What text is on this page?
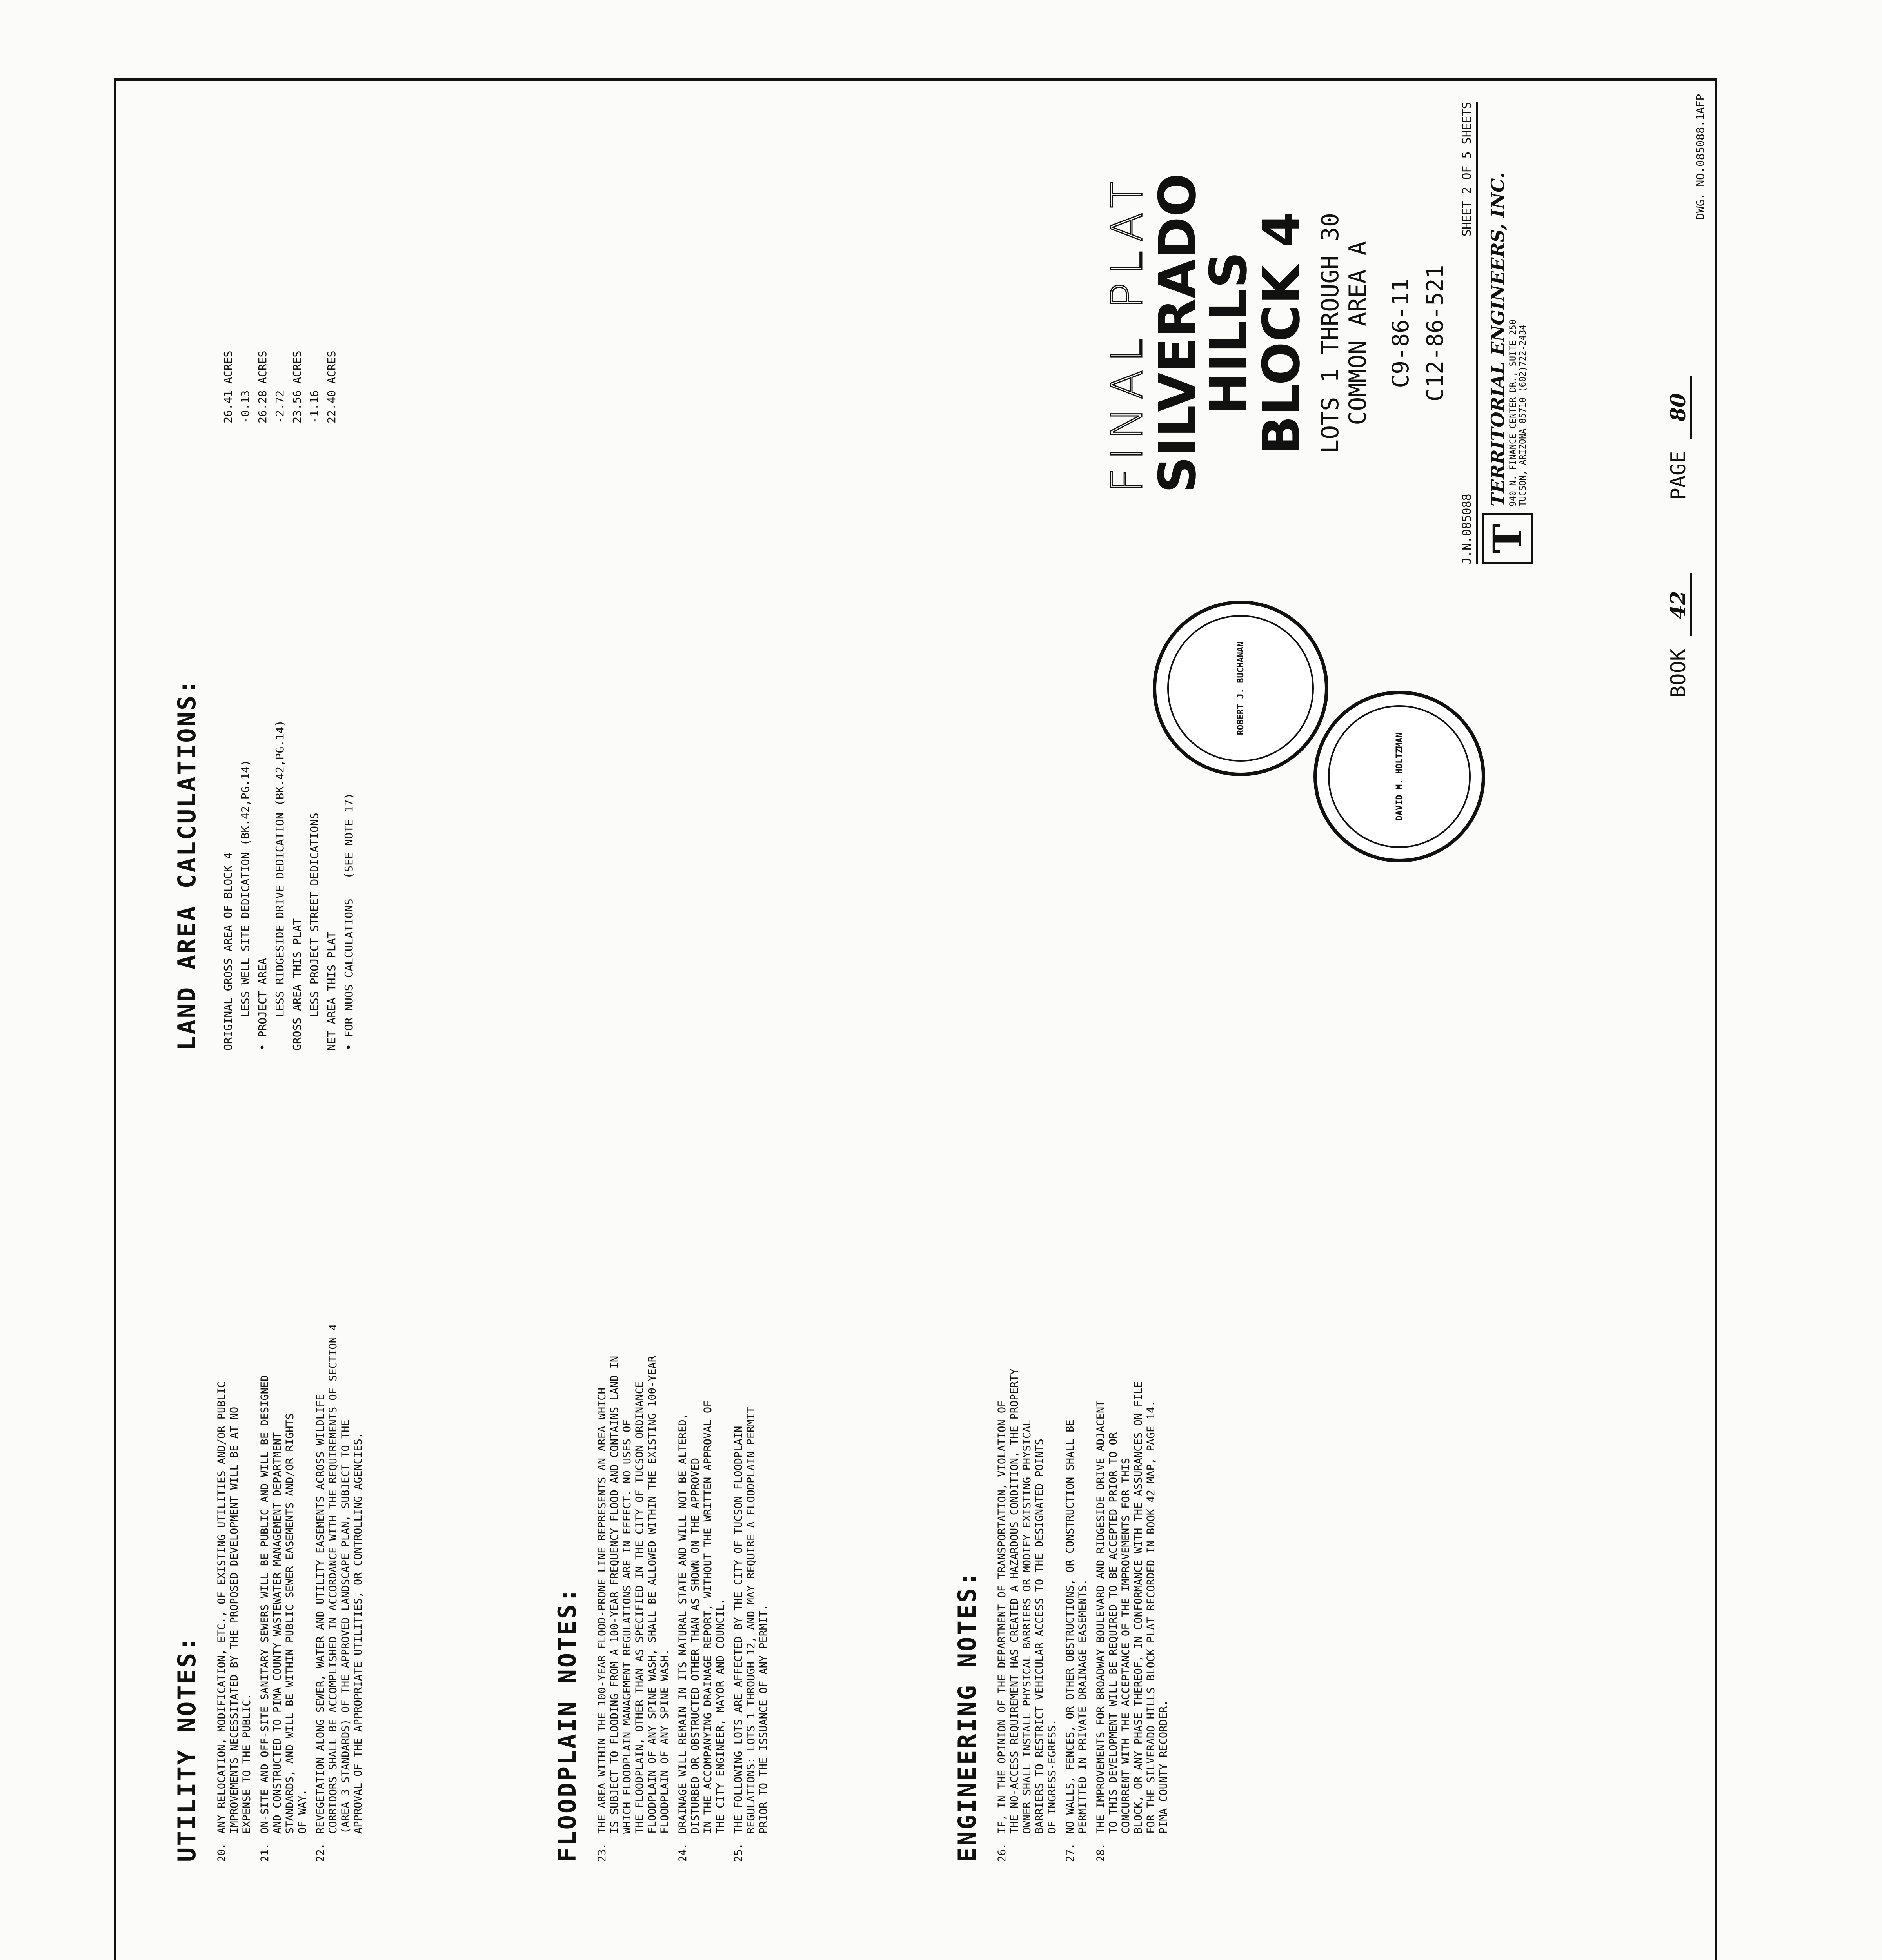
UTILITY NOTES: 20.
ANY RELOCATION, MODIFICATION, ETC., OF EXISTING UTILITIES AND/OR PUBLIC
IMPROVEMENTS NECESSITATED BY THE PROPOSED DEVELOPMENT WILL BE AT NO
EXPENSE TO THE PUBLIC.
21.
ON-SITE AND OFF-SITE SANITARY SEWERS WILL BE PUBLIC AND WILL BE DESIGNED
AND CONSTRUCTED TO PIMA COUNTY WASTEWATER MANAGEMENT DEPARTMENT
STANDARDS, AND WILL BE WITHIN PUBLIC SEWER EASEMENTS AND/OR RIGHTS
OF WAY.
22.
REVEGETATION ALONG SEWER, WATER AND UTILITY EASEMENTS ACROSS WILDLIFE
CORRIDORS SHALL BE ACCOMPLISHED IN ACCORDANCE WITH THE REQUIREMENTS OF SECTION 4
(AREA 3 STANDARDS) OF THE APPROVED LANDSCAPE PLAN, SUBJECT TO THE
APPROVAL OF THE APPROPRIATE UTILITIES, OR CONTROLLING AGENCIES.
FLOODPLAIN NOTES: 23.
THE AREA WITHIN THE 100-YEAR FLOOD-PRONE LINE REPRESENTS AN AREA WHICH
IS SUBJECT TO FLOODING FROM A 100-YEAR FREQUENCY FLOOD AND CONTAINS LAND IN
WHICH FLOODPLAIN MANAGEMENT REGULATIONS ARE IN EFFECT. NO USES OF
THE FLOODPLAIN, OTHER THAN AS SPECIFIED IN THE CITY OF TUCSON ORDINANCE
FLOODPLAIN OF ANY SPINE WASH, SHALL BE ALLOWED WITHIN THE EXISTING 100-YEAR
FLOODPLAIN OF ANY SPINE WASH.
24.
DRAINAGE WILL REMAIN IN ITS NATURAL STATE AND WILL NOT BE ALTERED,
DISTURBED OR OBSTRUCTED OTHER THAN AS SHOWN ON THE APPROVED
IN THE ACCOMPANYING DRAINAGE REPORT, WITHOUT THE WRITTEN APPROVAL OF
THE CITY ENGINEER, MAYOR AND COUNCIL.
25.
THE FOLLOWING LOTS ARE AFFECTED BY THE CITY OF TUCSON FLOODPLAIN
REGULATIONS: LOTS 1 THROUGH 12, AND MAY REQUIRE A FLOODPLAIN PERMIT
PRIOR TO THE ISSUANCE OF ANY PERMIT.	ENGINEERING NOTES: 26.
IF, IN THE OPINION OF THE DEPARTMENT OF TRANSPORTATION, VIOLATION OF
THE NO-ACCESS REQUIREMENT HAS CREATED A HAZARDOUS CONDITION, THE PROPERTY
OWNER SHALL INSTALL PHYSICAL BARRIERS OR MODIFY EXISTING PHYSICAL
BARRIERS TO RESTRICT VEHICULAR ACCESS TO THE DESIGNATED POINTS
OF INGRESS-EGRESS.
27.
NO WALLS, FENCES, OR OTHER OBSTRUCTIONS, OR CONSTRUCTION SHALL BE
PERMITTED IN PRIVATE DRAINAGE EASEMENTS.
28.
THE IMPROVEMENTS FOR BROADWAY BOULEVARD AND RIDGESIDE DRIVE ADJACENT
TO THIS DEVELOPMENT WILL BE REQUIRED TO BE ACCEPTED PRIOR TO OR
CONCURRENT WITH THE ACCEPTANCE OF THE IMPROVEMENTS FOR THIS
BLOCK, OR ANY PHASE THEREOF, IN CONFORMANCE WITH THE ASSURANCES ON FILE
FOR THE SILVERADO HILLS BLOCK PLAT RECORDED IN BOOK 42 MAP, PAGE 14.
PIMA COUNTY RECORDER.
LAND AREA CALCULATIONS: ORIGINAL GROSS AREA OF BLOCK 4
26.41 ACRES
LESS WELL SITE DEDICATION (BK.42,PG.14)
-0.13
• PROJECT AREA
26.28 ACRES
LESS RIDGESIDE DRIVE DEDICATION (BK.42,PG.14)
-2.72
GROSS AREA THIS PLAT
23.56 ACRES
LESS PROJECT STREET DEDICATIONS
-1.16
NET AREA THIS PLAT
22.40 ACRES
• FOR NUOS CALCULATIONS   (SEE NOTE 17)
ROBERT J. BUCHANAN
DAVID M. HOLTZMAN
FINAL PLAT
SILVERADO HILLS
BLOCK 4 LOTS 1 THROUGH 30 COMMON AREA A C9-86-11 C12-86-521
J.N.085088
SHEET 2 OF 5 SHEETS
T
TERRITORIAL ENGINEERS, INC. 940 N. FINANCE CENTER DR., SUITE 250
TUCSON, ARIZONA 85710 (602)722-2434
BOOK 42      PAGE 80
DWG. NO.085088.1AFP
